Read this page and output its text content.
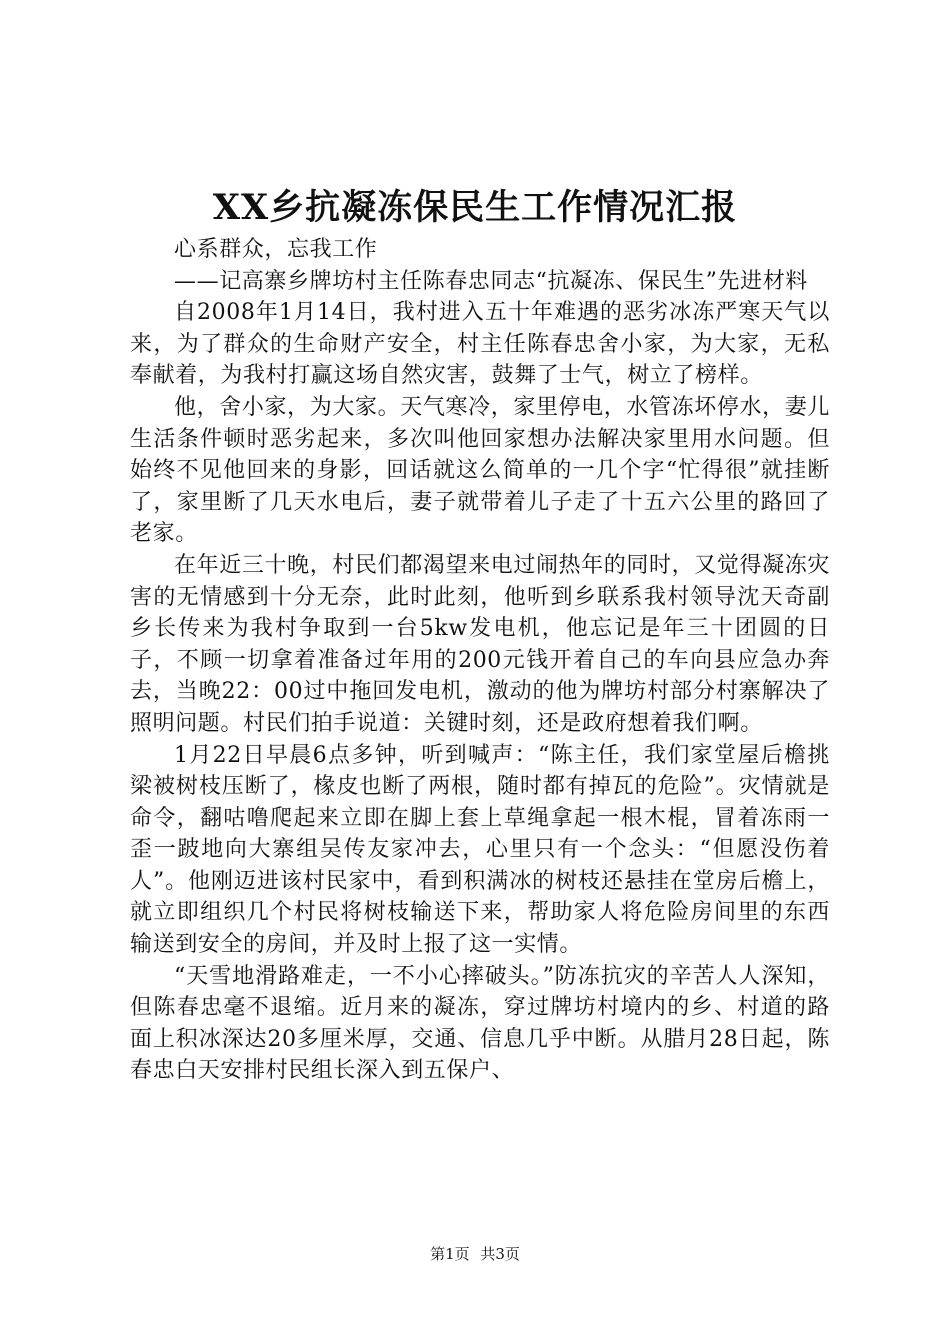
XX乡抗凝冻保民生工作情况汇报

心系群众，忘我工作

——记高寨乡牌坊村主任陈春忠同志“抗凝冻、保民生”先进材料

自2008年1月14日，我村进入五十年难遇的恶劣冰冻严寒天气以来，为了群众的生命财产安全，村主任陈春忠舍小家，为大家，无私奉献着，为我村打赢这场自然灾害，鼓舞了士气，树立了榜样。

他，舍小家，为大家。天气寒冷，家里停电，水管冻坏停水，妻儿生活条件顿时恶劣起来，多次叫他回家想办法解决家里用水问题。但始终不见他回来的身影，回话就这么简单的一几个字“忙得很”就挂断了，家里断了几天水电后，妻子就带着儿子走了十五六公里的路回了老家。

在年近三十晚，村民们都渴望来电过闹热年的同时，又觉得凝冻灾害的无情感到十分无奈，此时此刻，他听到乡联系我村领导沈天奇副乡长传来为我村争取到一台5kw发电机，他忘记是年三十团圆的日子，不顾一切拿着准备过年用的200元钱开着自己的车向县应急办奔去，当晚22：00过中拖回发电机，激动的他为牌坊村部分村寨解决了照明问题。村民们拍手说道：关键时刻，还是政府想着我们啊。

1月22日早晨6点多钟，听到喊声：“陈主任，我们家堂屋后檐挑梁被树枝压断了，椽皮也断了两根，随时都有掉瓦的危险”。灾情就是命令，翻咕噜爬起来立即在脚上套上草绳拿起一根木棍，冒着冻雨一歪一跛地向大寨组吴传友家冲去，心里只有一个念头：“但愿没伤着人”。他刚迈进该村民家中，看到积满冰的树枝还悬挂在堂房后檐上，就立即组织几个村民将树枝输送下来，帮助家人将危险房间里的东西输送到安全的房间，并及时上报了这一实情。

“天雪地滑路难走，一不小心摔破头。”防冻抗灾的辛苦人人深知，但陈春忠毫不退缩。近月来的凝冻，穿过牌坊村境内的乡、村道的路面上积冰深达20多厘米厚，交通、信息几乎中断。从腊月28日起，陈春忠白天安排村民组长深入到五保户、

第1页 共3页
